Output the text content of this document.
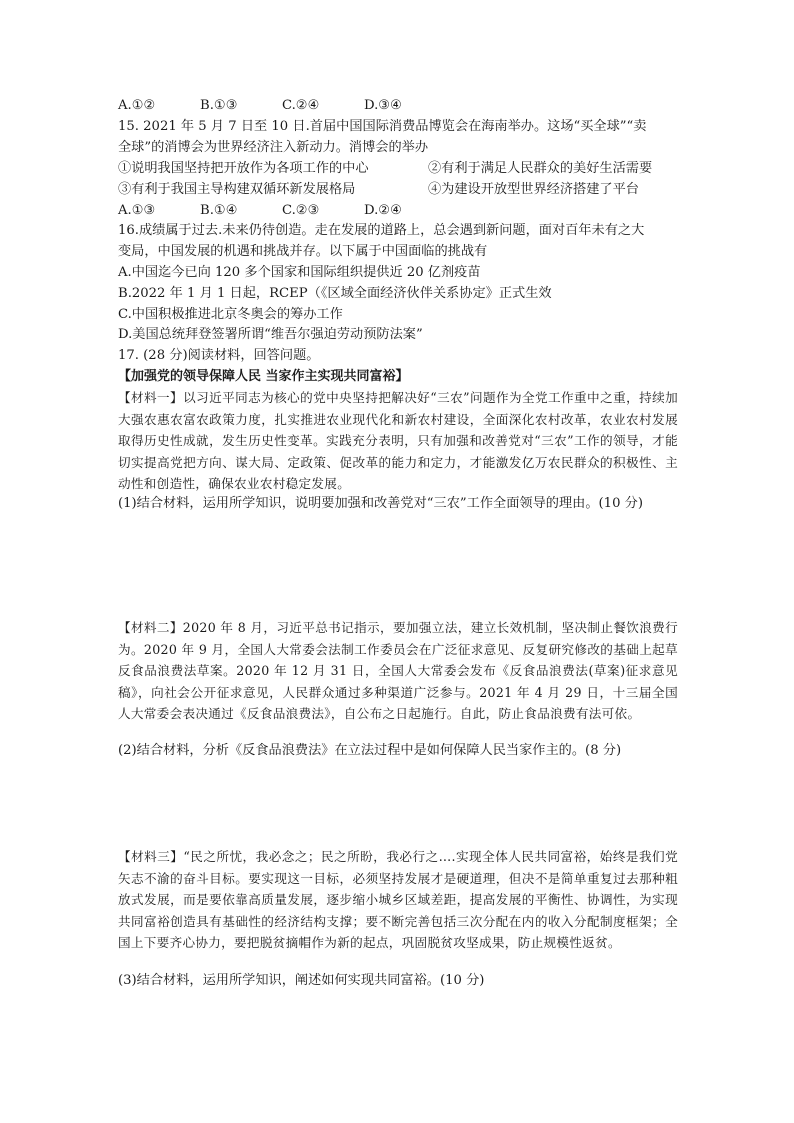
A.①②	B.①③	C.②④	D.③④
15. 2021 年 5 月 7 日至 10 日.首届中国国际消费品博览会在海南举办。这场“买全球”“卖
全球”的消博会为世界经济注入新动力。消博会的举办
①说明我国坚持把开放作为各项工作的中心	②有利于满足人民群众的美好生活需要
③有利于我国主导构建双循环新发展格局	④为建设开放型世界经济搭建了平台
A.①③	B.①④	C.②③	D.②④
16.成绩属于过去.未来仍待创造。走在发展的道路上，总会遇到新问题，面对百年未有之大
变局，中国发展的机遇和挑战并存。以下属于中国面临的挑战有
A.中国迄今已向 120 多个国家和国际组织提供近 20 亿剂疫苗
B.2022 年 1 月 1 日起，RCEP（《区域全面经济伙伴关系协定》正式生效
C.中国积极推进北京冬奥会的筹办工作
D.美国总统拜登签署所谓“维吾尔强迫劳动预防法案”
17. (28 分)阅读材料，回答问题。
【加强党的领导保障人民 当家作主实现共同富裕】
【材料一】以习近平同志为核心的党中央坚持把解决好“三农”问题作为全党工作重中之重，持续加大强农惠农富农政策力度，扎实推进农业现代化和新农村建设，全面深化农村改革，农业农村发展取得历史性成就，发生历史性变革。实践充分表明，只有加强和改善党对“三农”工作的领导，才能切实提高党把方向、谋大局、定政策、促改革的能力和定力，才能激发亿万农民群众的积极性、主动性和创造性，确保农业农村稳定发展。
(1)结合材料，运用所学知识，说明要加强和改善党对“三农”工作全面领导的理由。(10 分)
【材料二】2020 年 8 月，习近平总书记指示，要加强立法，建立长效机制，坚决制止餐饮浪费行为。2020 年 9 月，全国人大常委会法制工作委员会在广泛征求意见、反复研究修改的基础上起草反食品浪费法草案。2020 年 12 月 31 日，全国人大常委会发布《反食品浪费法(草案)征求意见稿》，向社会公开征求意见，人民群众通过多种渠道广泛参与。2021 年 4 月 29 日，十三届全国人大常委会表决通过《反食品浪费法》，自公布之日起施行。自此，防止食品浪费有法可依。
(2)结合材料，分析《反食品浪费法》在立法过程中是如何保障人民当家作主的。(8 分)
【材料三】“民之所忧，我必念之；民之所盼，我必行之….实现全体人民共同富裕，始终是我们党矢志不渝的奋斗目标。要实现这一目标，必须坚持发展才是硬道理，但决不是简单重复过去那种粗放式发展，而是要依靠高质量发展，逐步缩小城乡区域差距，提高发展的平衡性、协调性，为实现共同富裕创造具有基础性的经济结构支撑；要不断完善包括三次分配在内的收入分配制度框架；全国上下要齐心协力，要把脱贫摘帽作为新的起点，巩固脱贫攻坚成果，防止规模性返贫。
(3)结合材料，运用所学知识，阐述如何实现共同富裕。(10 分)
